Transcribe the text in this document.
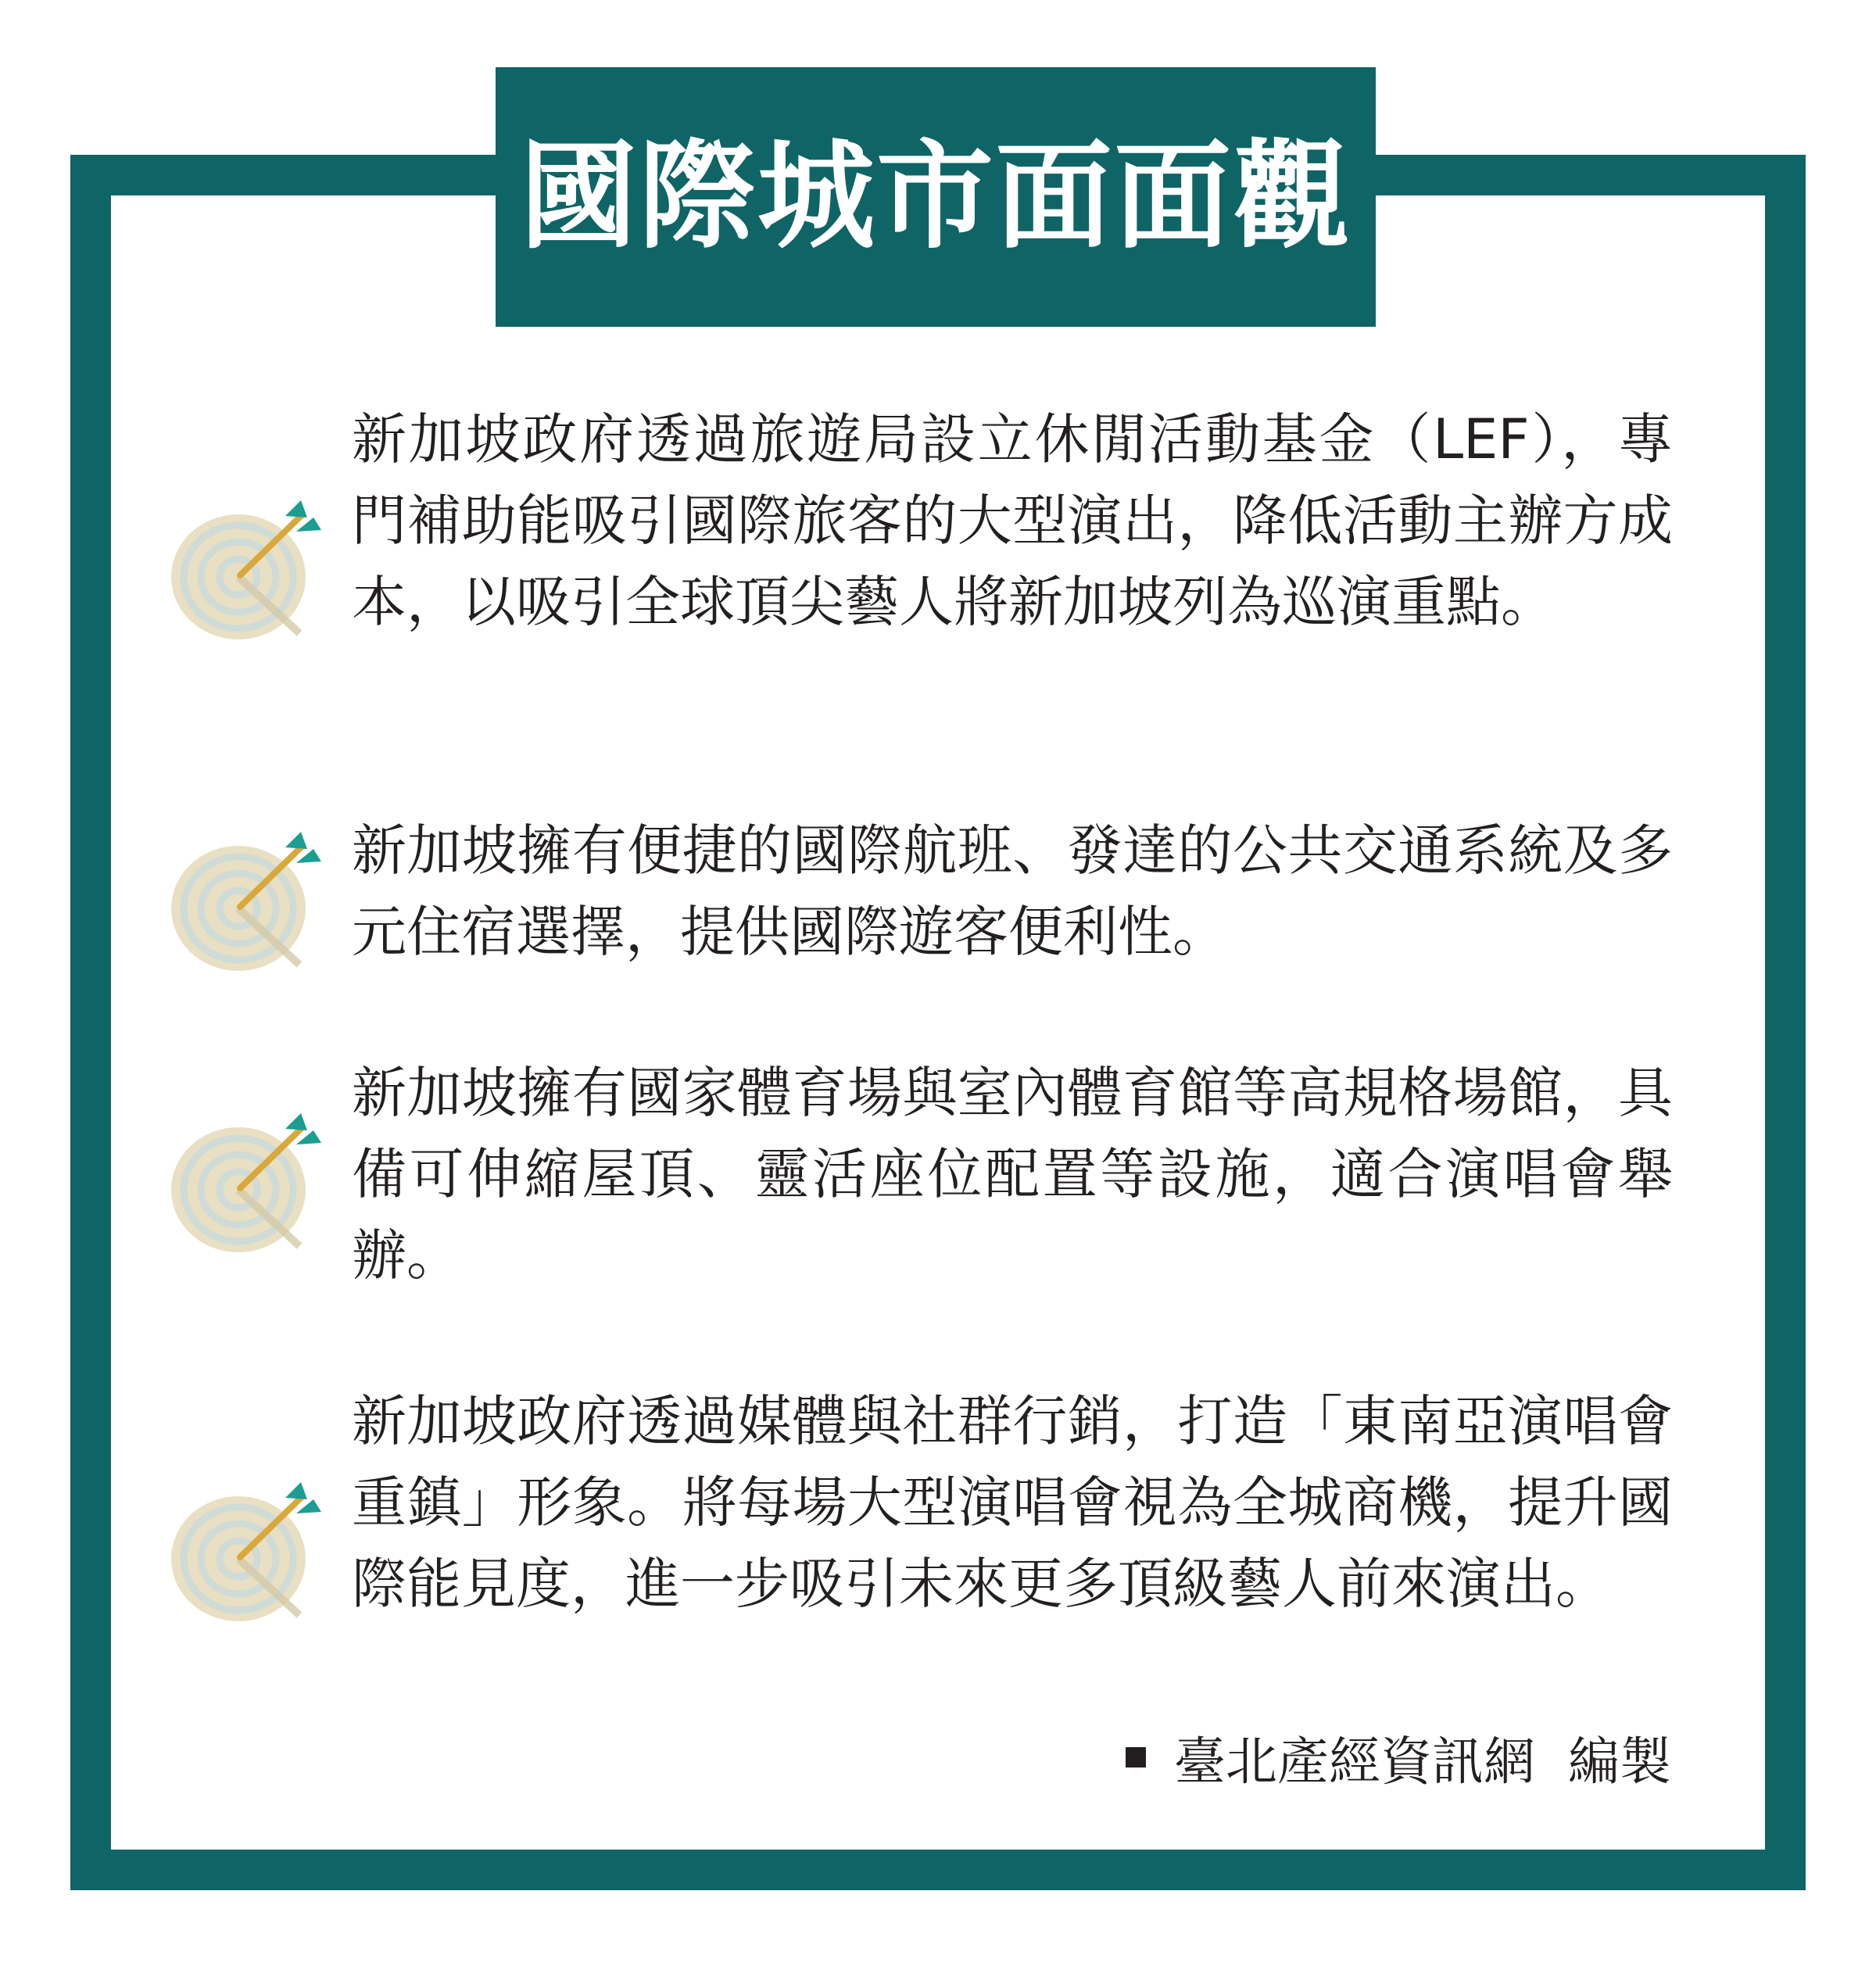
國際城市面面觀
新加坡政府透過旅遊局設立休閒活動基金（LEF），專門補助能吸引國際旅客的大型演出，降低活動主辦方成本，以吸引全球頂尖藝人將新加坡列為巡演重點。
新加坡擁有便捷的國際航班、發達的公共交通系統及多元住宿選擇，提供國際遊客便利性。
新加坡擁有國家體育場與室內體育館等高規格場館，具備可伸縮屋頂、靈活座位配置等設施，適合演唱會舉辦。
新加坡政府透過媒體與社群行銷，打造「東南亞演唱會重鎮」形象。將每場大型演唱會視為全城商機，提升國際能見度，進一步吸引未來更多頂級藝人前來演出。
臺北產經資訊網  編製
